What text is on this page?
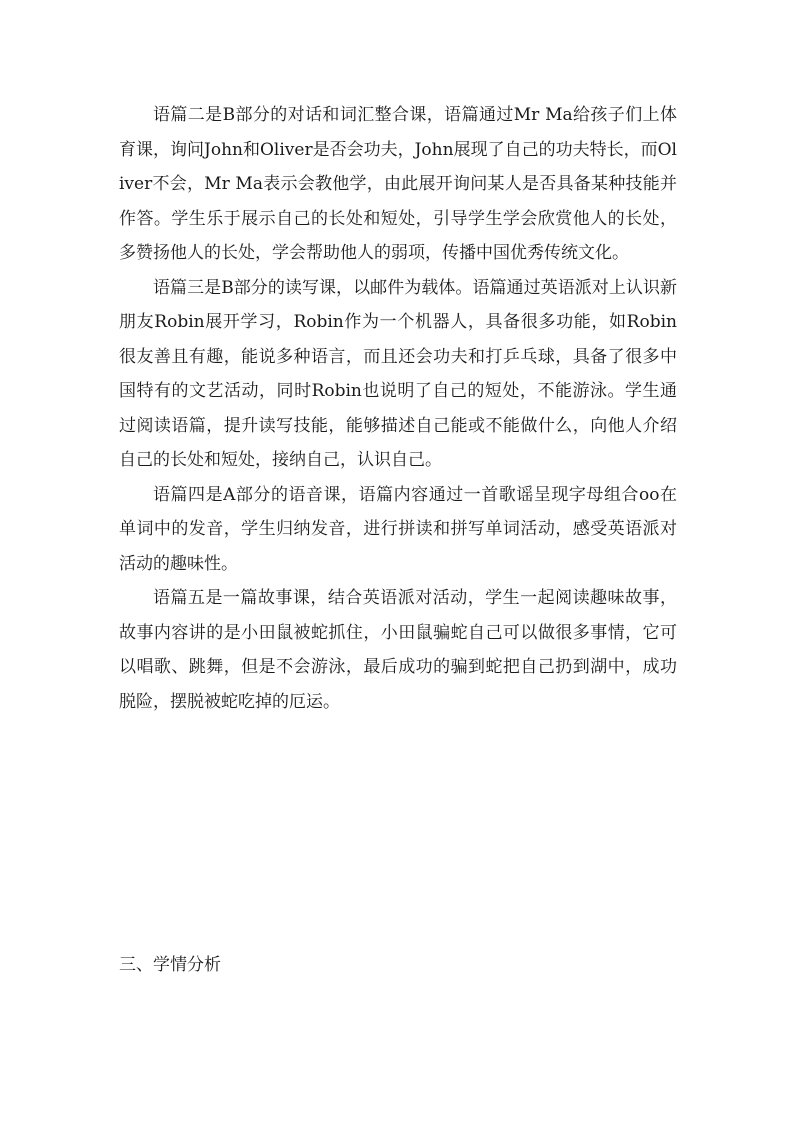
语篇二是B部分的对话和词汇整合课，语篇通过Mr Ma给孩子们上体育课，询问John和Oliver是否会功夫，John展现了自己的功夫特长，而Oliver不会，Mr Ma表示会教他学，由此展开询问某人是否具备某种技能并作答。学生乐于展示自己的长处和短处，引导学生学会欣赏他人的长处，多赞扬他人的长处，学会帮助他人的弱项，传播中国优秀传统文化。

语篇三是B部分的读写课，以邮件为载体。语篇通过英语派对上认识新朋友Robin展开学习，Robin作为一个机器人，具备很多功能，如Robin很友善且有趣，能说多种语言，而且还会功夫和打乒乓球，具备了很多中国特有的文艺活动，同时Robin也说明了自己的短处，不能游泳。学生通过阅读语篇，提升读写技能，能够描述自己能或不能做什么，向他人介绍自己的长处和短处，接纳自己，认识自己。

语篇四是A部分的语音课，语篇内容通过一首歌谣呈现字母组合oo在单词中的发音，学生归纳发音，进行拼读和拼写单词活动，感受英语派对活动的趣味性。

语篇五是一篇故事课，结合英语派对活动，学生一起阅读趣味故事，故事内容讲的是小田鼠被蛇抓住，小田鼠骗蛇自己可以做很多事情，它可以唱歌、跳舞，但是不会游泳，最后成功的骗到蛇把自己扔到湖中，成功脱险，摆脱被蛇吃掉的厄运。

三、学情分析
